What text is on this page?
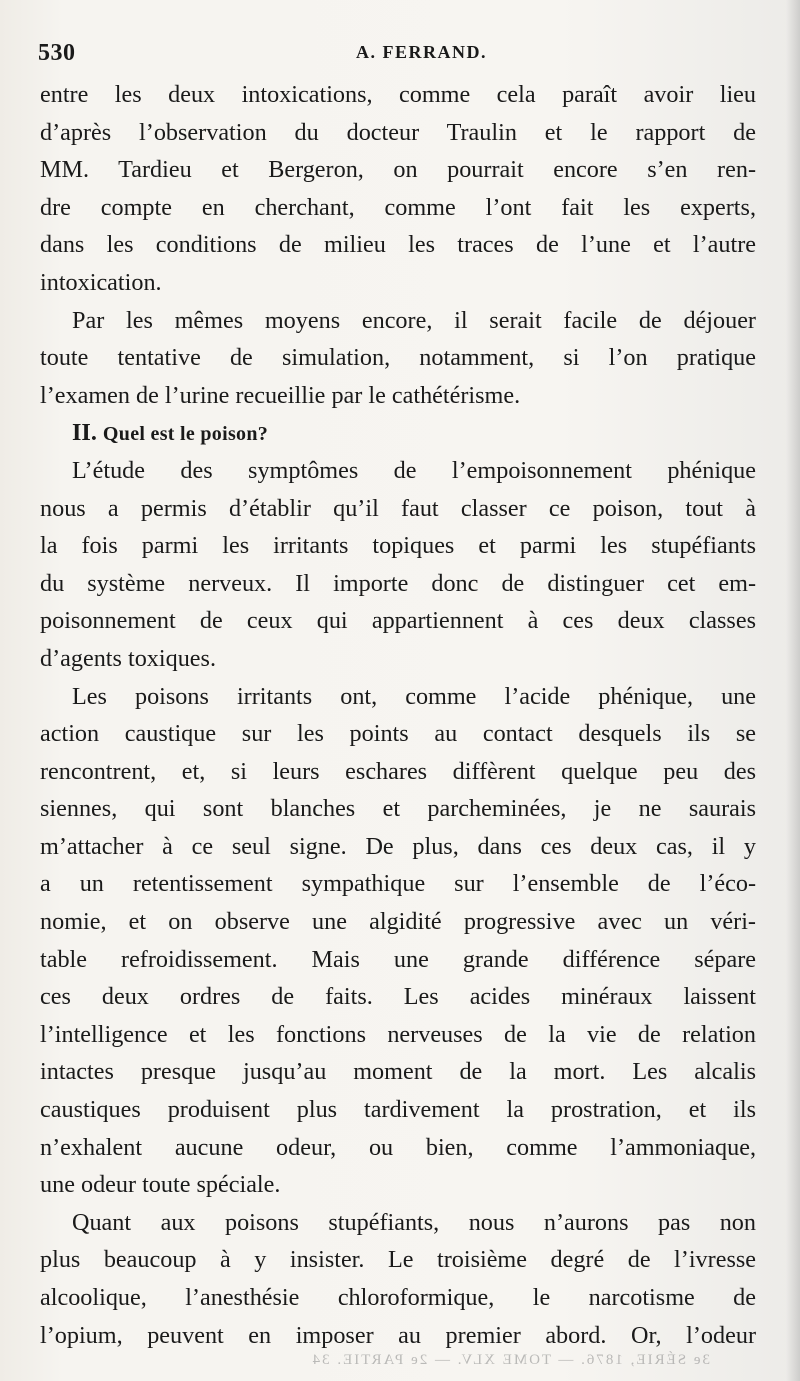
530	A. FERRAND.
entre les deux intoxications, comme cela paraît avoir lieu
d’après l’observation du docteur Traulin et le rapport de
MM. Tardieu et Bergeron, on pourrait encore s’en ren-
dre compte en cherchant, comme l’ont fait les experts,
dans les conditions de milieu les traces de l’une et l’autre
intoxication.
Par les mêmes moyens encore, il serait facile de déjouer
toute tentative de simulation, notamment, si l’on pratique
l’examen de l’urine recueillie par le cathétérisme.
II. Quel est le poison?
L’étude des symptômes de l’empoisonnement phénique
nous a permis d’établir qu’il faut classer ce poison, tout à
la fois parmi les irritants topiques et parmi les stupéfiants
du système nerveux. Il importe donc de distinguer cet em-
poisonnement de ceux qui appartiennent à ces deux classes
d’agents toxiques.
Les poisons irritants ont, comme l’acide phénique, une
action caustique sur les points au contact desquels ils se
rencontrent, et, si leurs eschares diffèrent quelque peu des
siennes, qui sont blanches et parcheminées, je ne saurais
m’attacher à ce seul signe. De plus, dans ces deux cas, il y
a un retentissement sympathique sur l’ensemble de l’éco-
nomie, et on observe une algidité progressive avec un véri-
table refroidissement. Mais une grande différence sépare
ces deux ordres de faits. Les acides minéraux laissent
l’intelligence et les fonctions nerveuses de la vie de relation
intactes presque jusqu’au moment de la mort. Les alcalis
caustiques produisent plus tardivement la prostration, et ils
n’exhalent aucune odeur, ou bien, comme l’ammoniaque,
une odeur toute spéciale.
Quant aux poisons stupéfiants, nous n’aurons pas non
plus beaucoup à y insister. Le troisième degré de l’ivresse
alcoolique, l’anesthésie chloroformique, le narcotisme de
l’opium, peuvent en imposer au premier abord. Or, l’odeur
3e SÉRIE, 1876. — TOME XLV. — 2e PARTIE. 34
